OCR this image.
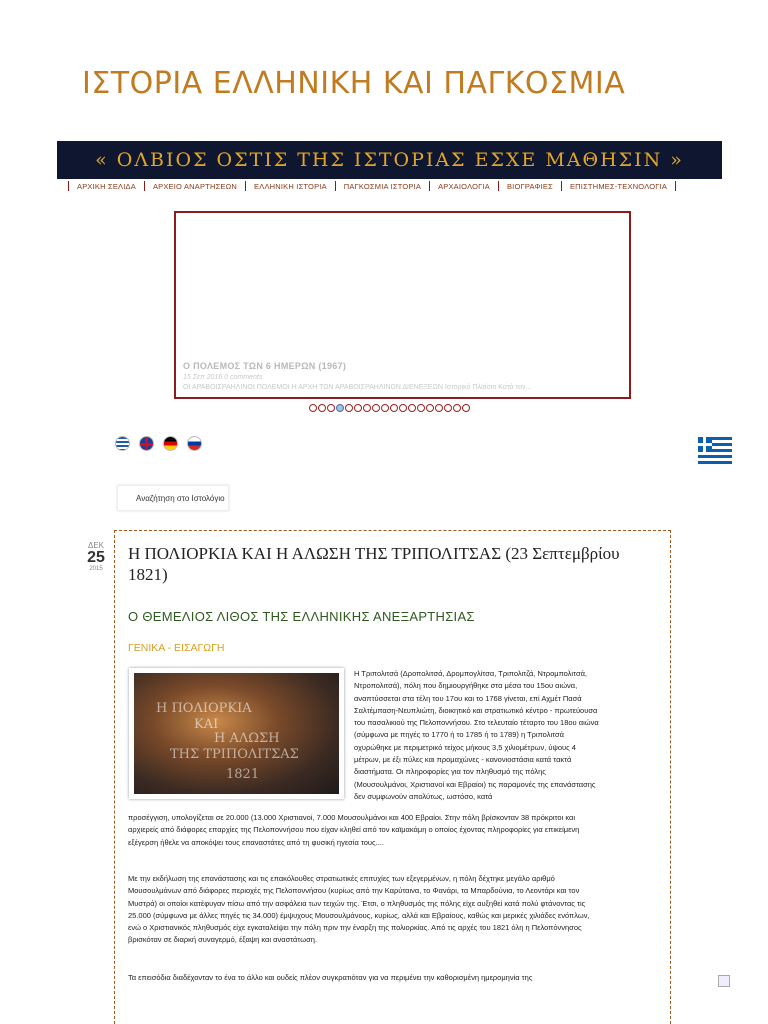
ΙΣΤΟΡΙΑ ΕΛΛΗΝΙΚΗ ΚΑΙ ΠΑΓΚΟΣΜΙΑ
« ΟΛΒΙΟΣ ΟΣΤΙΣ ΤΗΣ ΙΣΤΟΡΙΑΣ ΕΣΧΕ ΜΑΘΗΣΙΝ »
ΑΡΧΙΚΗ ΣΕΛΙΔΑ ΑΡΧΕΙΟ ΑΝΑΡΤΗΣΕΩΝ ΕΛΛΗΝΙΚΗ ΙΣΤΟΡΙΑ ΠΑΓΚΟΣΜΙΑ ΙΣΤΟΡΙΑ ΑΡΧΑΙΟΛΟΓΙΑ ΒΙΟΓΡΑΦΙΕΣ ΕΠΙΣΤΗΜΕΣ-ΤΕΧΝΟΛΟΓΙΑ
Ο ΠΟΛΕΜΟΣ ΤΩΝ 6 ΗΜΕΡΩΝ (1967)
15 Σεπ 2016 0 comments
ΟΙ ΑΡΑΒΟΙΣΡΑΗΛΙΝΟΙ ΠΟΛΕΜΟΙ Η ΑΡΧΗ ΤΩΝ ΑΡΑΒΟΙΣΡΑΗΛΙΝΩΝ ΔΙΕΝΕΞΕΩΝ Ιστορικό Πλαίσιο Κατά τον...
Αναζήτηση στο Ιστολόγιο
ΔΕΚ
25
2015
Η ΠΟΛΙΟΡΚΙΑ ΚΑΙ Η ΑΛΩΣΗ ΤΗΣ ΤΡΙΠΟΛΙΤΣΑΣ (23 Σεπτεμβρίου 1821)
Ο ΘΕΜΕΛΙΟΣ ΛΙΘΟΣ ΤΗΣ ΕΛΛΗΝΙΚΗΣ ΑΝΕΞΑΡΤΗΣΙΑΣ
ΓΕΝΙΚΑ - ΕΙΣΑΓΩΓΗ
Η ΠΟΛΙΟΡΚΙΑ
ΚΑΙ
Η ΑΛΩΣΗ
ΤΗΣ ΤΡΙΠΟΛΙΤΣΑΣ
1821

Η Τριπολιτσά (Δροπολιτσά, Δρομπογλίτσα, Τριπολιτζά, Ντρομπολιτσά, Ντροπολιτσά), πόλη που δημιουργήθηκε στα μέσα του 15ου αιώνα, αναπτύσσεται στα τέλη του 17ου και το 1768 γίνεται, επί Αχμέτ Πασά Σαλτέμπαση-Νευπλιώτη, διοικητικό και στρατιωτικό κέντρο - πρωτεύουσα του πασαλικιού της Πελοποννήσου. Στο τελευταίο τέταρτο του 18ου αιώνα (σύμφωνα με πηγές το 1770 ή το 1785 ή το 1789) η Τριπολιτσά οχυρώθηκε με περιμετρικό τείχος μήκους 3,5 χιλιομέτρων, ύψους 4 μέτρων, με έξι πύλες και προμαχώνες - κανονιοστάσια κατά τακτά διαστήματα. Οι πληροφορίες για τον πληθυσμό της πόλης (Μουσουλμάνοι, Χριστιανοί και Εβραίοι) τις παραμονές της επανάστασης δεν συμφωνούν απολύτως, ωστόσο, κατά

προσέγγιση, υπολογίζεται σε 20.000 (13.000 Χριστιανοί, 7.000 Μουσουλμάνοι και 400 Εβραίοι. Στην πόλη βρίσκονταν 38 πρόκριτοι και αρχιερείς από διάφορες επαρχίες της Πελοποννήσου που είχαν κληθεί από τον καϊμακάμη ο οποίος έχοντας πληροφορίες για επικείμενη εξέγερση ήθελε να αποκόψει τους επαναστάτες από τη φυσική ηγεσία τους....

Με την εκδήλωση της επανάστασης και τις επακόλουθες στρατιωτικές επιτυχίες των εξεγερμένων, η πόλη δέχτηκε μεγάλο αριθμό Μουσουλμάνων από διάφορες περιοχές της Πελοποννήσου (κυρίως από την Καρύταινα, το Φανάρι, τα Μπαρδούνια, το Λεοντάρι και τον Μυστρά) οι οποίοι κατέφυγαν πίσω από την ασφάλεια των τειχών της. Έτσι, ο πληθυσμός της πόλης είχε αυξηθεί κατά πολύ φτάνοντας τις 25.000 (σύμφωνα με άλλες πηγές τις 34.000) έμψυχους Μουσουλμάνους, κυρίως, αλλά και Εβραίους, καθώς και μερικές χιλιάδες ενόπλων, ενώ ο Χριστιανικός πληθυσμός είχε εγκαταλείψει την πόλη πριν την έναρξη της πολιορκίας. Από τις αρχές του 1821 όλη η Πελοπόννησος βρισκόταν σε διαρκή συναγερμό, έξαψη και αναστάτωση.

Τα επεισόδια διαδέχονταν το ένα το άλλο και ουδείς πλέον συγκρατιόταν για να περιμένει την καθορισμένη ημερομηνία της
